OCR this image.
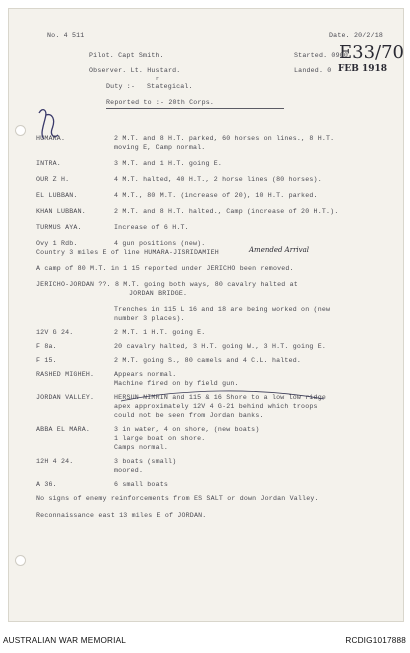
No. 4 511	Date. 20/2/18
E33/70
Pilot. Capt Smith.	Started. 0900
Observer. Lt. Hustard.	Landed. 0 FEB 1918
r
Duty :- Stategical.
Reported to :- 20th Corps.
HUMARA.	2 M.T. and 8 H.T. parked, 60 horses on lines., 8 H.T.
moving E, Camp normal.
INTRA.	3 M.T. and 1 H.T. going E.
OUR Z H.	4 M.T. halted, 40 H.T., 2 horse lines (80 horses).
EL LUBBAN.	4 M.T., 80 M.T. (increase of 20), 10 H.T. parked.
KHAN LUBBAN.	2 M.T. and 8 H.T. halted., Camp (increase of 20 H.T.).
TURMUS AYA.	Increase of 6 H.T.
Ovy 1 Rdb.	4 gun positions (new).
Country 3 miles E of line HUMARA-JISRIDAMIEH	Amended Arrival
A camp of 80 M.T. in 1 15 reported under JERICHO been removed.
JERICHO-JORDAN ??. 8 M.T. going both ways, 80 cavalry halted at
JORDAN BRIDGE.
Trenches in 115 L 16 and 18 are being worked on (new
number 3 places).
12V G 24.	2 M.T. 1 H.T. going E.
F 8a.	20 cavalry halted, 3 H.T. going W., 3 H.T. going E.
F 15.	2 M.T. going S., 80 camels and 4 C.L. halted.
RASHED MIGHEH.	Appears normal.
Machine fired on by field gun.
JORDAN VALLEY.	HERSUN NIMRIN and 115 & 16 Shore to a low low ridge
apex approximately 12V 4 G-21 behind which troops
could not be seen from Jordan banks.
ABBA EL MARA.	3 in water, 4 on shore, (new boats)
1 large boat on shore.
Camps normal.
12H 4 24.	3 boats (small)
moored.
A 36.	6 small boats
No signs of enemy reinforcements from ES SALT or down Jordan Valley.
Reconnaissance east 13 miles E of JORDAN.
AUSTRALIAN WAR MEMORIAL	RCDIG1017888
